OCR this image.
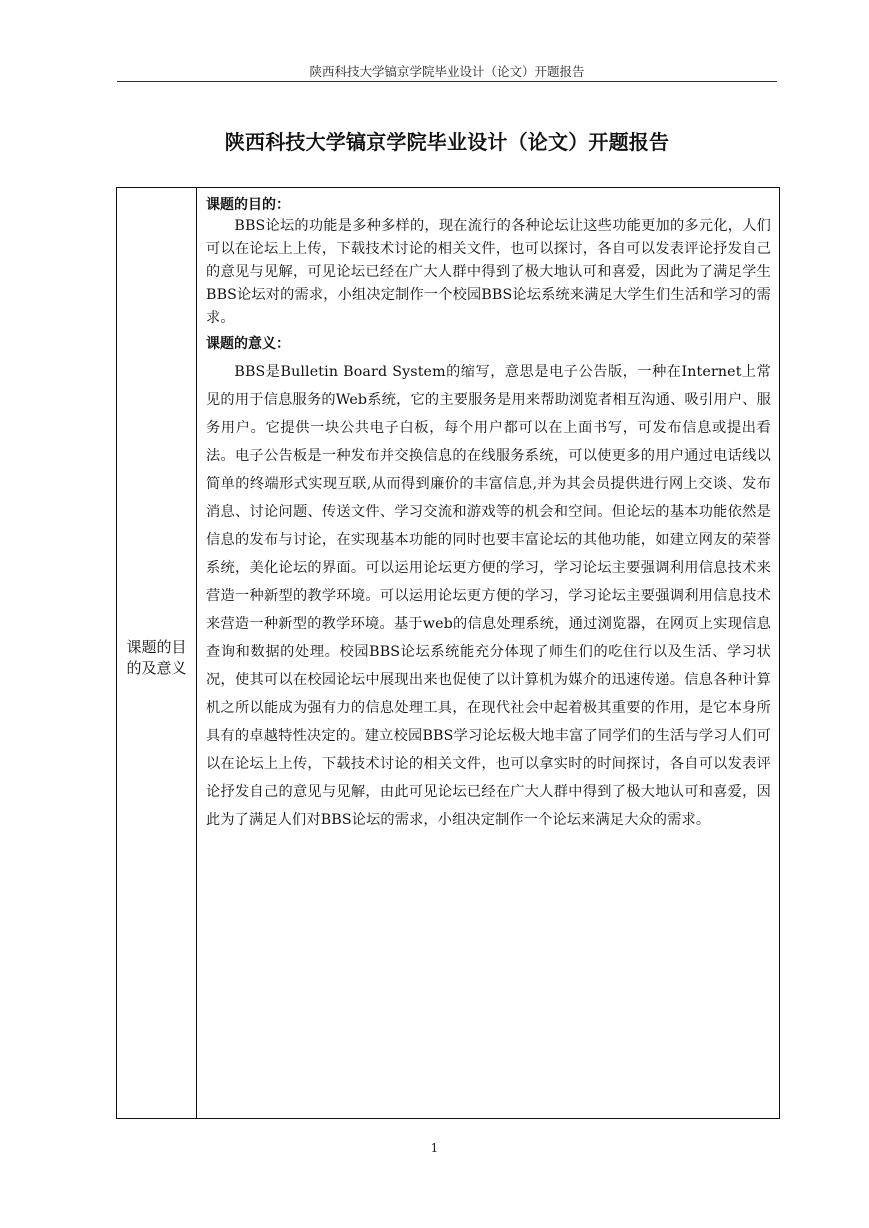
陕西科技大学镐京学院毕业设计（论文）开题报告
陕西科技大学镐京学院毕业设计（论文）开题报告
课题的目的及意义

课题的目的：

BBS论坛的功能是多种多样的，现在流行的各种论坛让这些功能更加的多元化，人们可以在论坛上上传，下载技术讨论的相关文件，也可以探讨，各自可以发表评论抒发自己的意见与见解，可见论坛已经在广大人群中得到了极大地认可和喜爱，因此为了满足学生BBS论坛对的需求，小组决定制作一个校园BBS论坛系统来满足大学生们生活和学习的需求。

课题的意义：

BBS是Bulletin Board System的缩写，意思是电子公告版，一种在Internet上常见的用于信息服务的Web系统，它的主要服务是用来帮助浏览者相互沟通、吸引用户、服务用户。它提供一块公共电子白板，每个用户都可以在上面书写，可发布信息或提出看法。电子公告板是一种发布并交换信息的在线服务系统，可以使更多的用户通过电话线以简单的终端形式实现互联,从而得到廉价的丰富信息,并为其会员提供进行网上交谈、发布消息、讨论问题、传送文件、学习交流和游戏等的机会和空间。但论坛的基本功能依然是信息的发布与讨论，在实现基本功能的同时也要丰富论坛的其他功能，如建立网友的荣誉系统，美化论坛的界面。可以运用论坛更方便的学习，学习论坛主要强调利用信息技术来营造一种新型的教学环境。可以运用论坛更方便的学习，学习论坛主要强调利用信息技术来营造一种新型的教学环境。基于web的信息处理系统，通过浏览器，在网页上实现信息查询和数据的处理。校园BBS论坛系统能充分体现了师生们的吃住行以及生活、学习状况，使其可以在校园论坛中展现出来也促使了以计算机为媒介的迅速传递。信息各种计算机之所以能成为强有力的信息处理工具，在现代社会中起着极其重要的作用，是它本身所具有的卓越特性决定的。建立校园BBS学习论坛极大地丰富了同学们的生活与学习人们可以在论坛上上传，下载技术讨论的相关文件，也可以拿实时的时间探讨，各自可以发表评论抒发自己的意见与见解，由此可见论坛已经在广大人群中得到了极大地认可和喜爱，因此为了满足人们对BBS论坛的需求，小组决定制作一个论坛来满足大众的需求。

1
